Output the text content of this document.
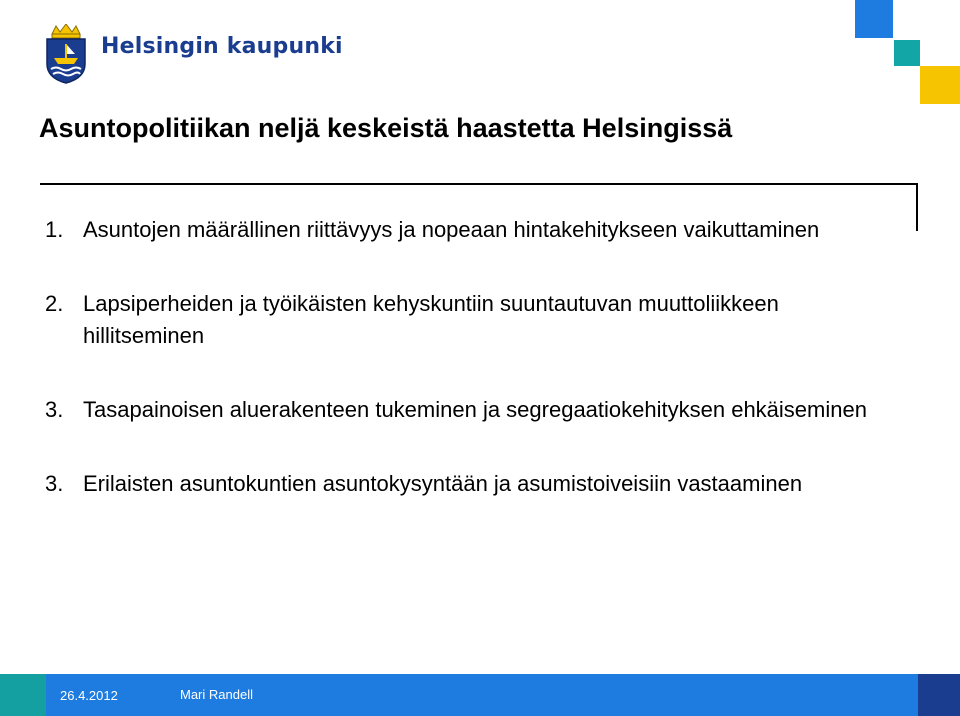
Helsingin kaupunki
Asuntopolitiikan neljä keskeistä haastetta Helsingissä
1. Asuntojen määrällinen riittävyys ja nopeaan hintakehitykseen vaikuttaminen
2. Lapsiperheiden ja työikäisten kehyskuntiin suuntautuvan muuttoliikkeen hillitseminen
3. Tasapainoisen aluerakenteen tukeminen ja segregaatiokehityksen ehkäiseminen
3. Erilaisten asuntokuntien asuntokysyntään ja asumistoiveisiin vastaaminen
26.4.2012	Mari Randell
